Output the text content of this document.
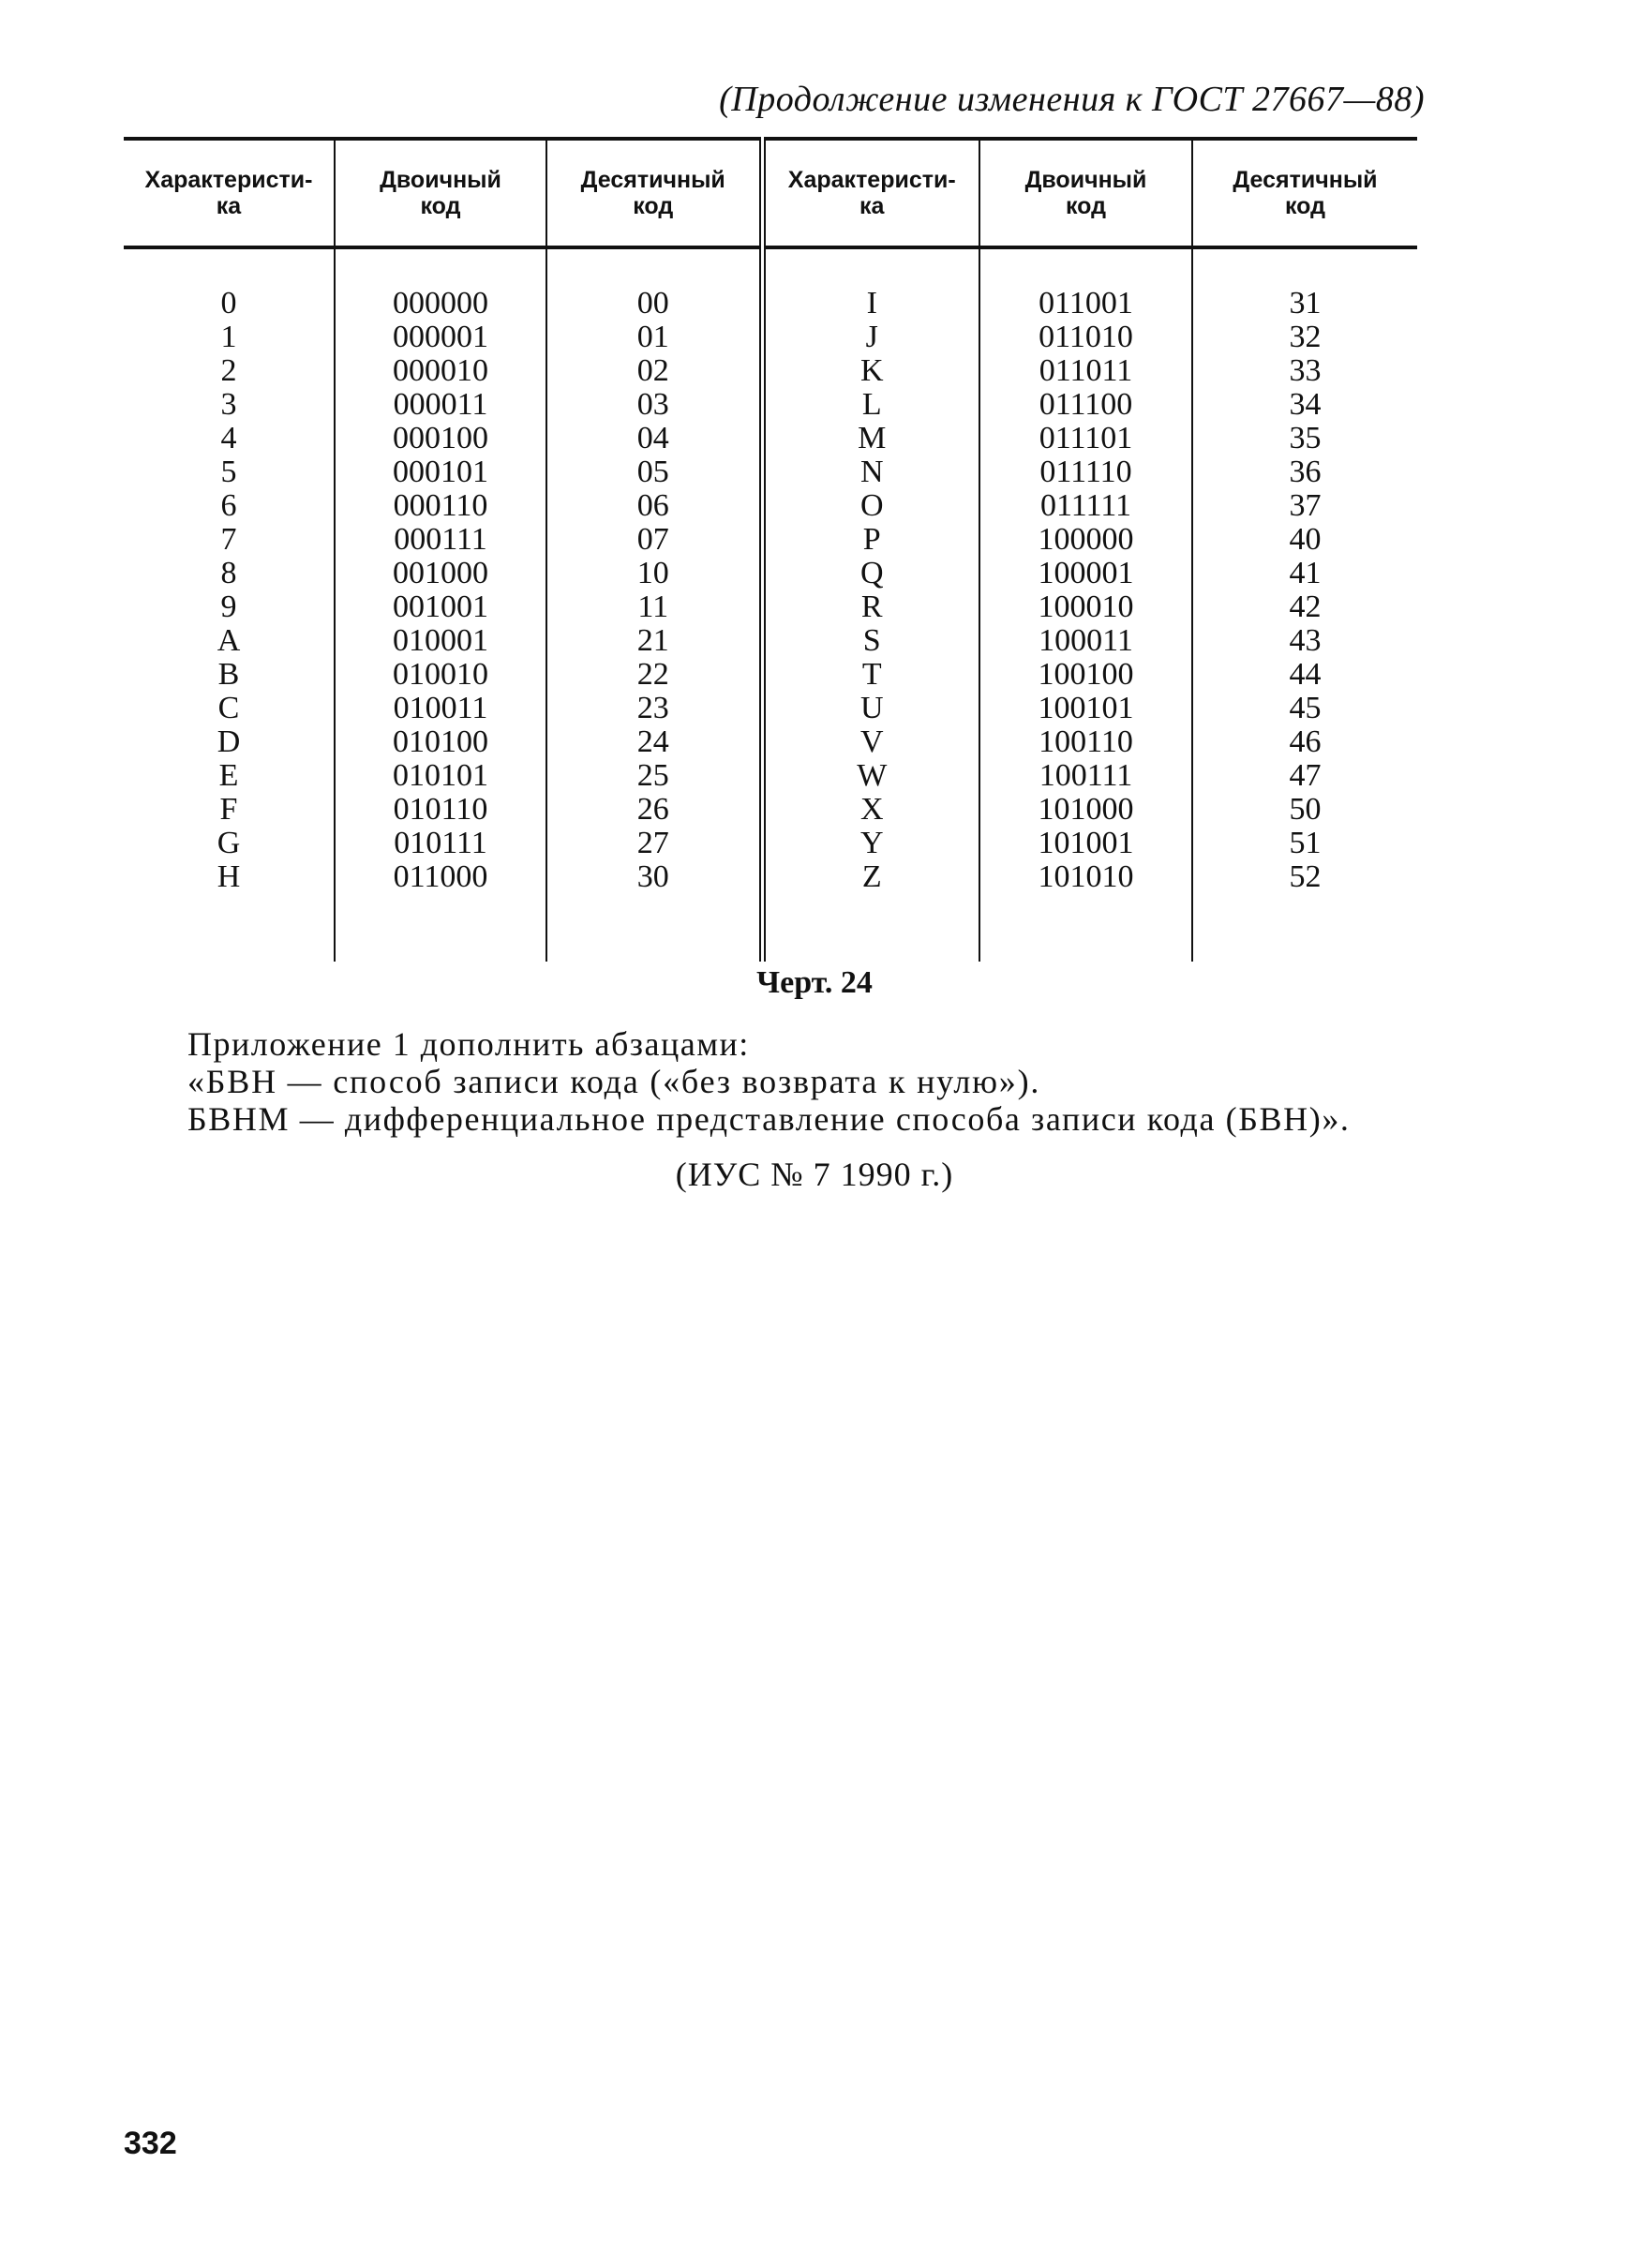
(Продолжение изменения к ГОСТ 27667—88)
Характеристи-
ка	Двоичный
код	Десятичный
код	Характеристи-
ка	Двоичный
код	Десятичный
код
0	000000	00	I	011001	31
1	000001	01	J	011010	32
2	000010	02	K	011011	33
3	000011	03	L	011100	34
4	000100	04	M	011101	35
5	000101	05	N	011110	36
6	000110	06	O	011111	37
7	000111	07	P	100000	40
8	001000	10	Q	100001	41
9	001001	11	R	100010	42
A	010001	21	S	100011	43
B	010010	22	T	100100	44
C	010011	23	U	100101	45
D	010100	24	V	100110	46
E	010101	25	W	100111	47
F	010110	26	X	101000	50
G	010111	27	Y	101001	51
H	011000	30	Z	101010	52

Черт. 24
Приложение 1 дополнить абзацами:
«БВН — способ записи кода («без возврата к нулю»).
БВНМ — дифференциальное представление способа записи кода (БВН)».
(ИУС № 7 1990 г.)
332
